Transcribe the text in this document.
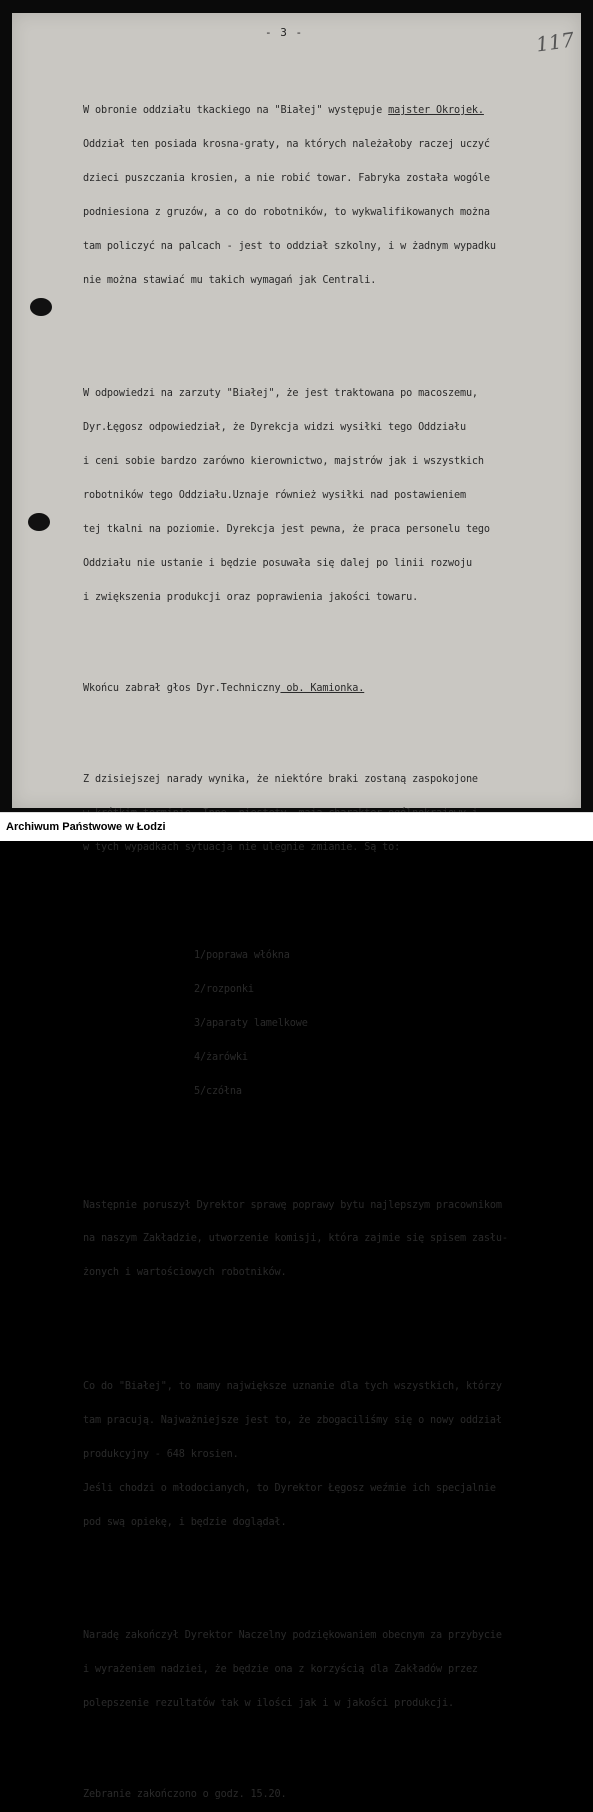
- 3 -	117

W obronie oddziału tkackiego na "Białej" występuje majster Okrojek.

Oddział ten posiada krosna-graty, na których należałoby raczej uczyć

dzieci puszczania krosien, a nie robić towar. Fabryka została wogóle

podniesiona z gruzów, a co do robotników, to wykwalifikowanych można

tam policzyć na palcach - jest to oddział szkolny, i w żadnym wypadku

nie można stawiać mu takich wymagań jak Centrali.

W odpowiedzi na zarzuty "Białej", że jest traktowana po macoszemu,

Dyr.Łęgosz odpowiedział, że Dyrekcja widzi wysiłki tego Oddziału

i ceni sobie bardzo zarówno kierownictwo, majstrów jak i wszystkich

robotników tego Oddziału.Uznaje również wysiłki nad postawieniem

tej tkalni na poziomie. Dyrekcja jest pewna, że praca personelu tego

Oddziału nie ustanie i będzie posuwała się dalej po linii rozwoju

i zwiększenia produkcji oraz poprawienia jakości towaru.

Wkońcu zabrał głos Dyr.Techniczny ob. Kamionka.

Z dzisiejszej narady wynika, że niektóre braki zostaną zaspokojone

w tych wypadkach sytuacja nie ulegnie zmianie. Są to:

1/poprawa włókna

2/rozponki

3/aparaty lamelkowe

4/żarówki

5/czółna

Następnie poruszył Dyrektor sprawę poprawy bytu najlepszym pracownikom

na naszym Zakładzie, utworzenie komisji, która zajmie się spisem zasłu-

żonych i wartościowych robotników.

Co do "Białej", to mamy największe uznanie dla tych wszystkich, którzy

tam pracują. Najważniejsze jest to, że zbogaciliśmy się o nowy oddział

produkcyjny - 648 krosien.

Jeśli chodzi o młodocianych, to Dyrektor Łęgosz weźmie ich specjalnie

pod swą opiekę, i będzie doglądał.

Naradę zakończył Dyrektor Naczelny podziękowaniem obecnym za przybycie

i wyrażeniem nadziei, że będzie ona z korzyścią dla Zakładów przez

polepszenie rezultatów tak w ilości jak i w jakości produkcji.

Zebranie zakończono o godz. 15.20.

Archiwum Państwowe w Łodzi
